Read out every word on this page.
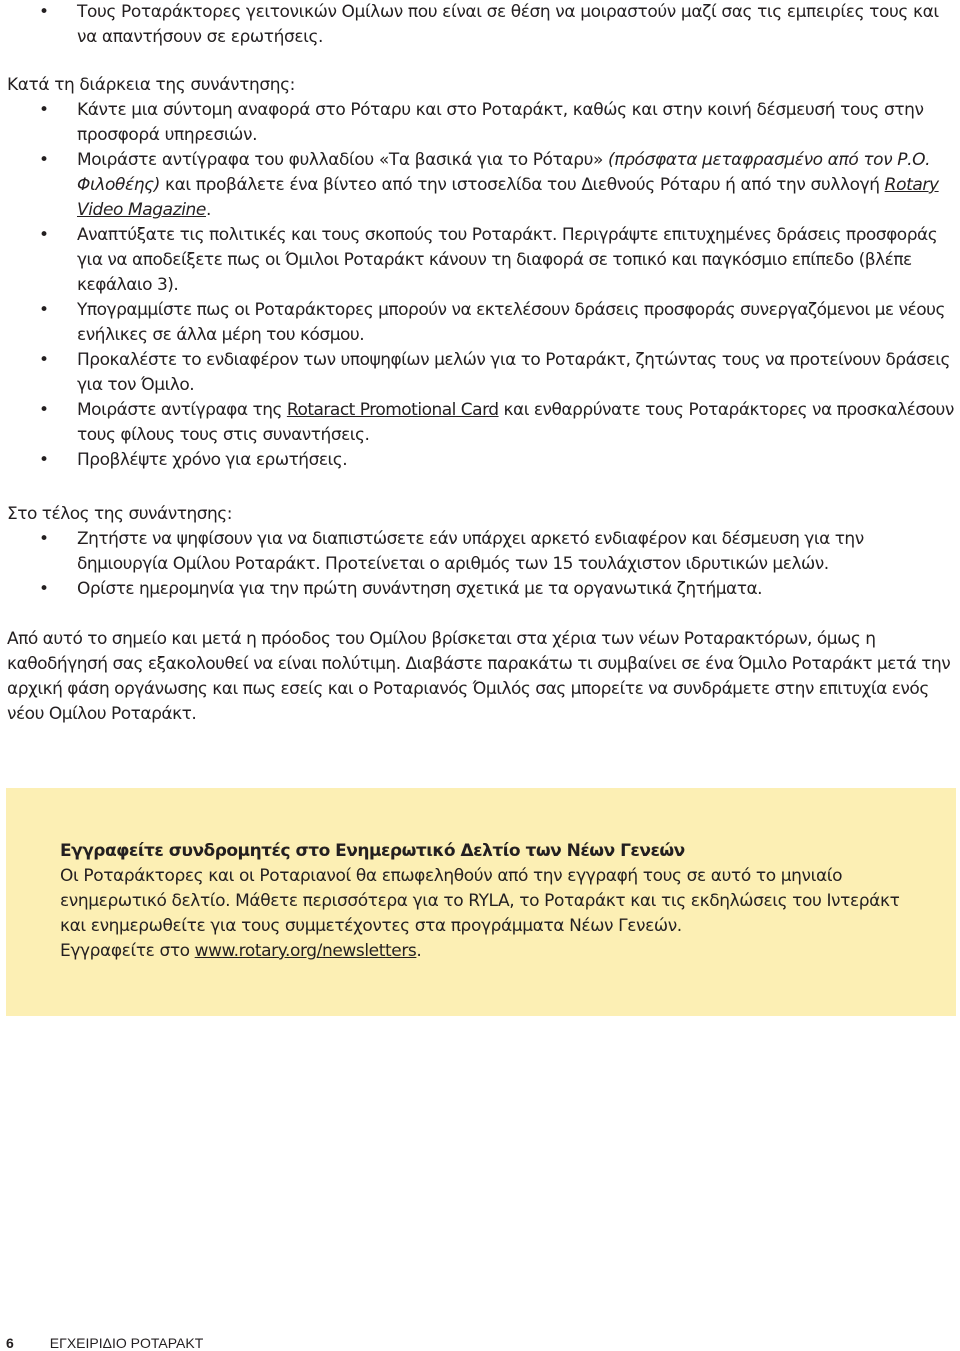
• Τους Ροταράκτορες γειτονικών Ομίλων που είναι σε θέση να μοιραστούν μαζί σας τις εμπειρίες τους και να απαντήσουν σε ερωτήσεις.
Κατά τη διάρκεια της συνάντησης:
• Κάντε μια σύντομη αναφορά στο Ρόταρυ και στο Ροταράκτ, καθώς και στην κοινή δέσμευσή τους στην προσφορά υπηρεσιών.
• Μοιράστε αντίγραφα του φυλλαδίου «Τα βασικά για το Ρόταρυ» (πρόσφατα μεταφρασμένο από τον Ρ.Ο. Φιλοθέης) και προβάλετε ένα βίντεο από την ιστοσελίδα του Διεθνούς Ρόταρυ ή από την συλλογή Rotary Video Magazine.
• Αναπτύξατε τις πολιτικές και τους σκοπούς του Ροταράκτ. Περιγράψτε επιτυχημένες δράσεις προσφοράς για να αποδείξετε πως οι Όμιλοι Ροταράκτ κάνουν τη διαφορά σε τοπικό και παγκόσμιο επίπεδο (βλέπε κεφάλαιο 3).
• Υπογραμμίστε πως οι Ροταράκτορες μπορούν να εκτελέσουν δράσεις προσφοράς συνεργαζόμενοι με νέους ενήλικες σε άλλα μέρη του κόσμου.
• Προκαλέστε το ενδιαφέρον των υποψηφίων μελών για το Ροταράκτ, ζητώντας τους να προτείνουν δράσεις για τον Όμιλο.
• Μοιράστε αντίγραφα της Rotaract Promotional Card και ενθαρρύνατε τους Ροταράκτορες να προσκαλέσουν τους φίλους τους στις συναντήσεις.
• Προβλέψτε χρόνο για ερωτήσεις.
Στο τέλος της συνάντησης:
• Ζητήστε να ψηφίσουν για να διαπιστώσετε εάν υπάρχει αρκετό ενδιαφέρον και δέσμευση για την δημιουργία Ομίλου Ροταράκτ. Προτείνεται ο αριθμός των 15 τουλάχιστον ιδρυτικών μελών.
• Ορίστε ημερομηνία για την πρώτη συνάντηση σχετικά με τα οργανωτικά ζητήματα.
Από αυτό το σημείο και μετά η πρόοδος του Ομίλου βρίσκεται στα χέρια των νέων Ροταρακτόρων, όμως η καθοδήγησή σας εξακολουθεί να είναι πολύτιμη. Διαβάστε παρακάτω τι συμβαίνει σε ένα Όμιλο Ροταράκτ μετά την αρχική φάση οργάνωσης και πως εσείς και ο Ροταριανός Όμιλός σας μπορείτε να συνδράμετε στην επιτυχία ενός νέου Ομίλου Ροταράκτ.
Εγγραφείτε συνδρομητές στο Ενημερωτικό Δελτίο των Νέων Γενεών
Οι Ροταράκτορες και οι Ροταριανοί θα επωφεληθούν από την εγγραφή τους σε αυτό το μηνιαίο ενημερωτικό δελτίο. Μάθετε περισσότερα για το RYLA, το Ροταράκτ και τις εκδηλώσεις του Ιντεράκτ και ενημερωθείτε για τους συμμετέχοντες στα προγράμματα Νέων Γενεών.
Εγγραφείτε στο www.rotary.org/newsletters.
6	ΕΓΧΕΙΡΙΔΙΟ ΡΟΤΑΡΑΚΤ
